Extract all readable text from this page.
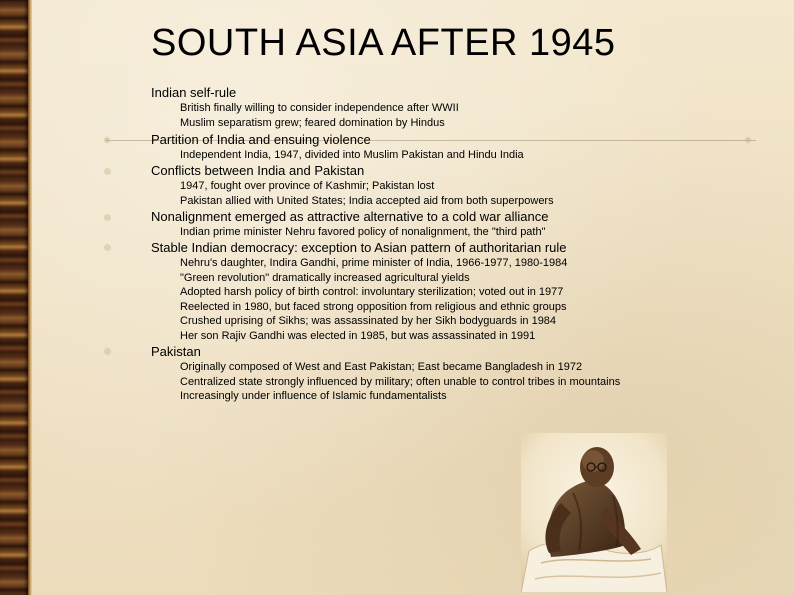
SOUTH ASIA AFTER 1945
Indian self-rule
British finally willing to consider independence after WWII
Muslim separatism grew; feared domination by Hindus
Partition of India and ensuing violence
Independent India, 1947, divided into Muslim Pakistan and Hindu India
Conflicts between India and Pakistan
1947, fought over province of Kashmir; Pakistan lost
Pakistan allied with United States; India accepted aid from both superpowers
Nonalignment emerged as attractive alternative to a cold war alliance
Indian prime minister Nehru favored policy of nonalignment, the "third path"
Stable Indian democracy: exception to Asian pattern of authoritarian rule
Nehru's daughter, Indira Gandhi, prime minister of India, 1966-1977, 1980-1984
"Green revolution" dramatically increased agricultural yields
Adopted harsh policy of birth control: involuntary sterilization; voted out in 1977
Reelected in 1980, but faced strong opposition from religious and ethnic groups
Crushed uprising of Sikhs; was assassinated by her Sikh bodyguards in 1984
Her son Rajiv Gandhi was elected in 1985, but was assassinated in 1991
Pakistan
Originally composed of West and East Pakistan; East became Bangladesh in 1972
Centralized state strongly influenced by military; often unable to control tribes in mountains
Increasingly under influence of Islamic fundamentalists
